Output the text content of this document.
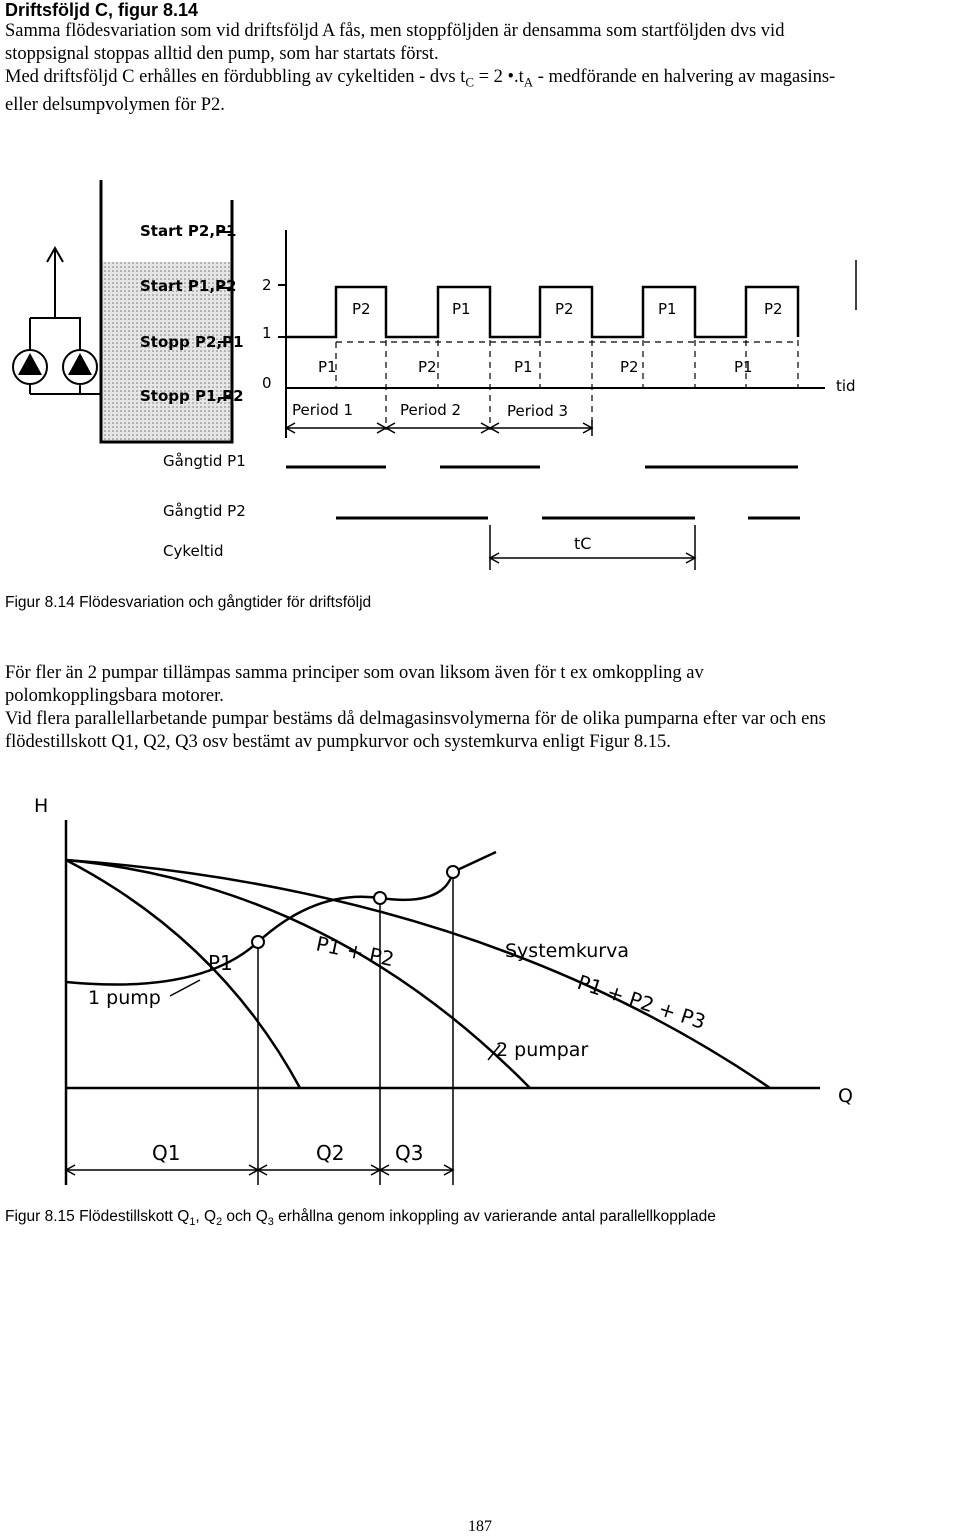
Driftsföljd C, figur 8.14
Samma flödesvariation som vid driftsföljd A fås, men stoppföljden är densamma som startföljden dvs vid
stoppsignal stoppas alltid den pump, som har startats först.
Med driftsföljd C erhålles en fördubbling av cykeltiden - dvs $t_C = 2$ $•.t_A$ - medförande en halvering av magasins-
eller delsumpvolymen för P2.
Start P2,P1
Start P1,P2
Stopp P2,P1
Stopp P1,P2
2
1
0	tid
P2	P1	P2	P1	P2
P1	P2	P1	P2	P1
Period 1	Period 2	Period 3
Gångtid P1
Gångtid P2
Cykeltid	tC
Figur 8.14 Flödesvariation och gångtider för driftsföljd
För fler än 2 pumpar tillämpas samma principer som ovan liksom även för t ex omkoppling av
polomkopplingsbara motorer.
Vid flera parallellarbetande pumpar bestäms då delmagasinsvolymerna för de olika pumparna efter var och ens
flödestillskott Q1, Q2, Q3 osv bestämt av pumpkurvor och systemkurva enligt Figur 8.15.
H
Q
P1	P1 + P2	Systemkurva
P1 + P2 + P3
1 pump
2 pumpar
Q1	Q2	Q3
Figur 8.15 Flödestillskott $Q_1$, $Q_2$ och $Q_3$ erhållna genom inkoppling av varierande antal parallellkopplade
187
